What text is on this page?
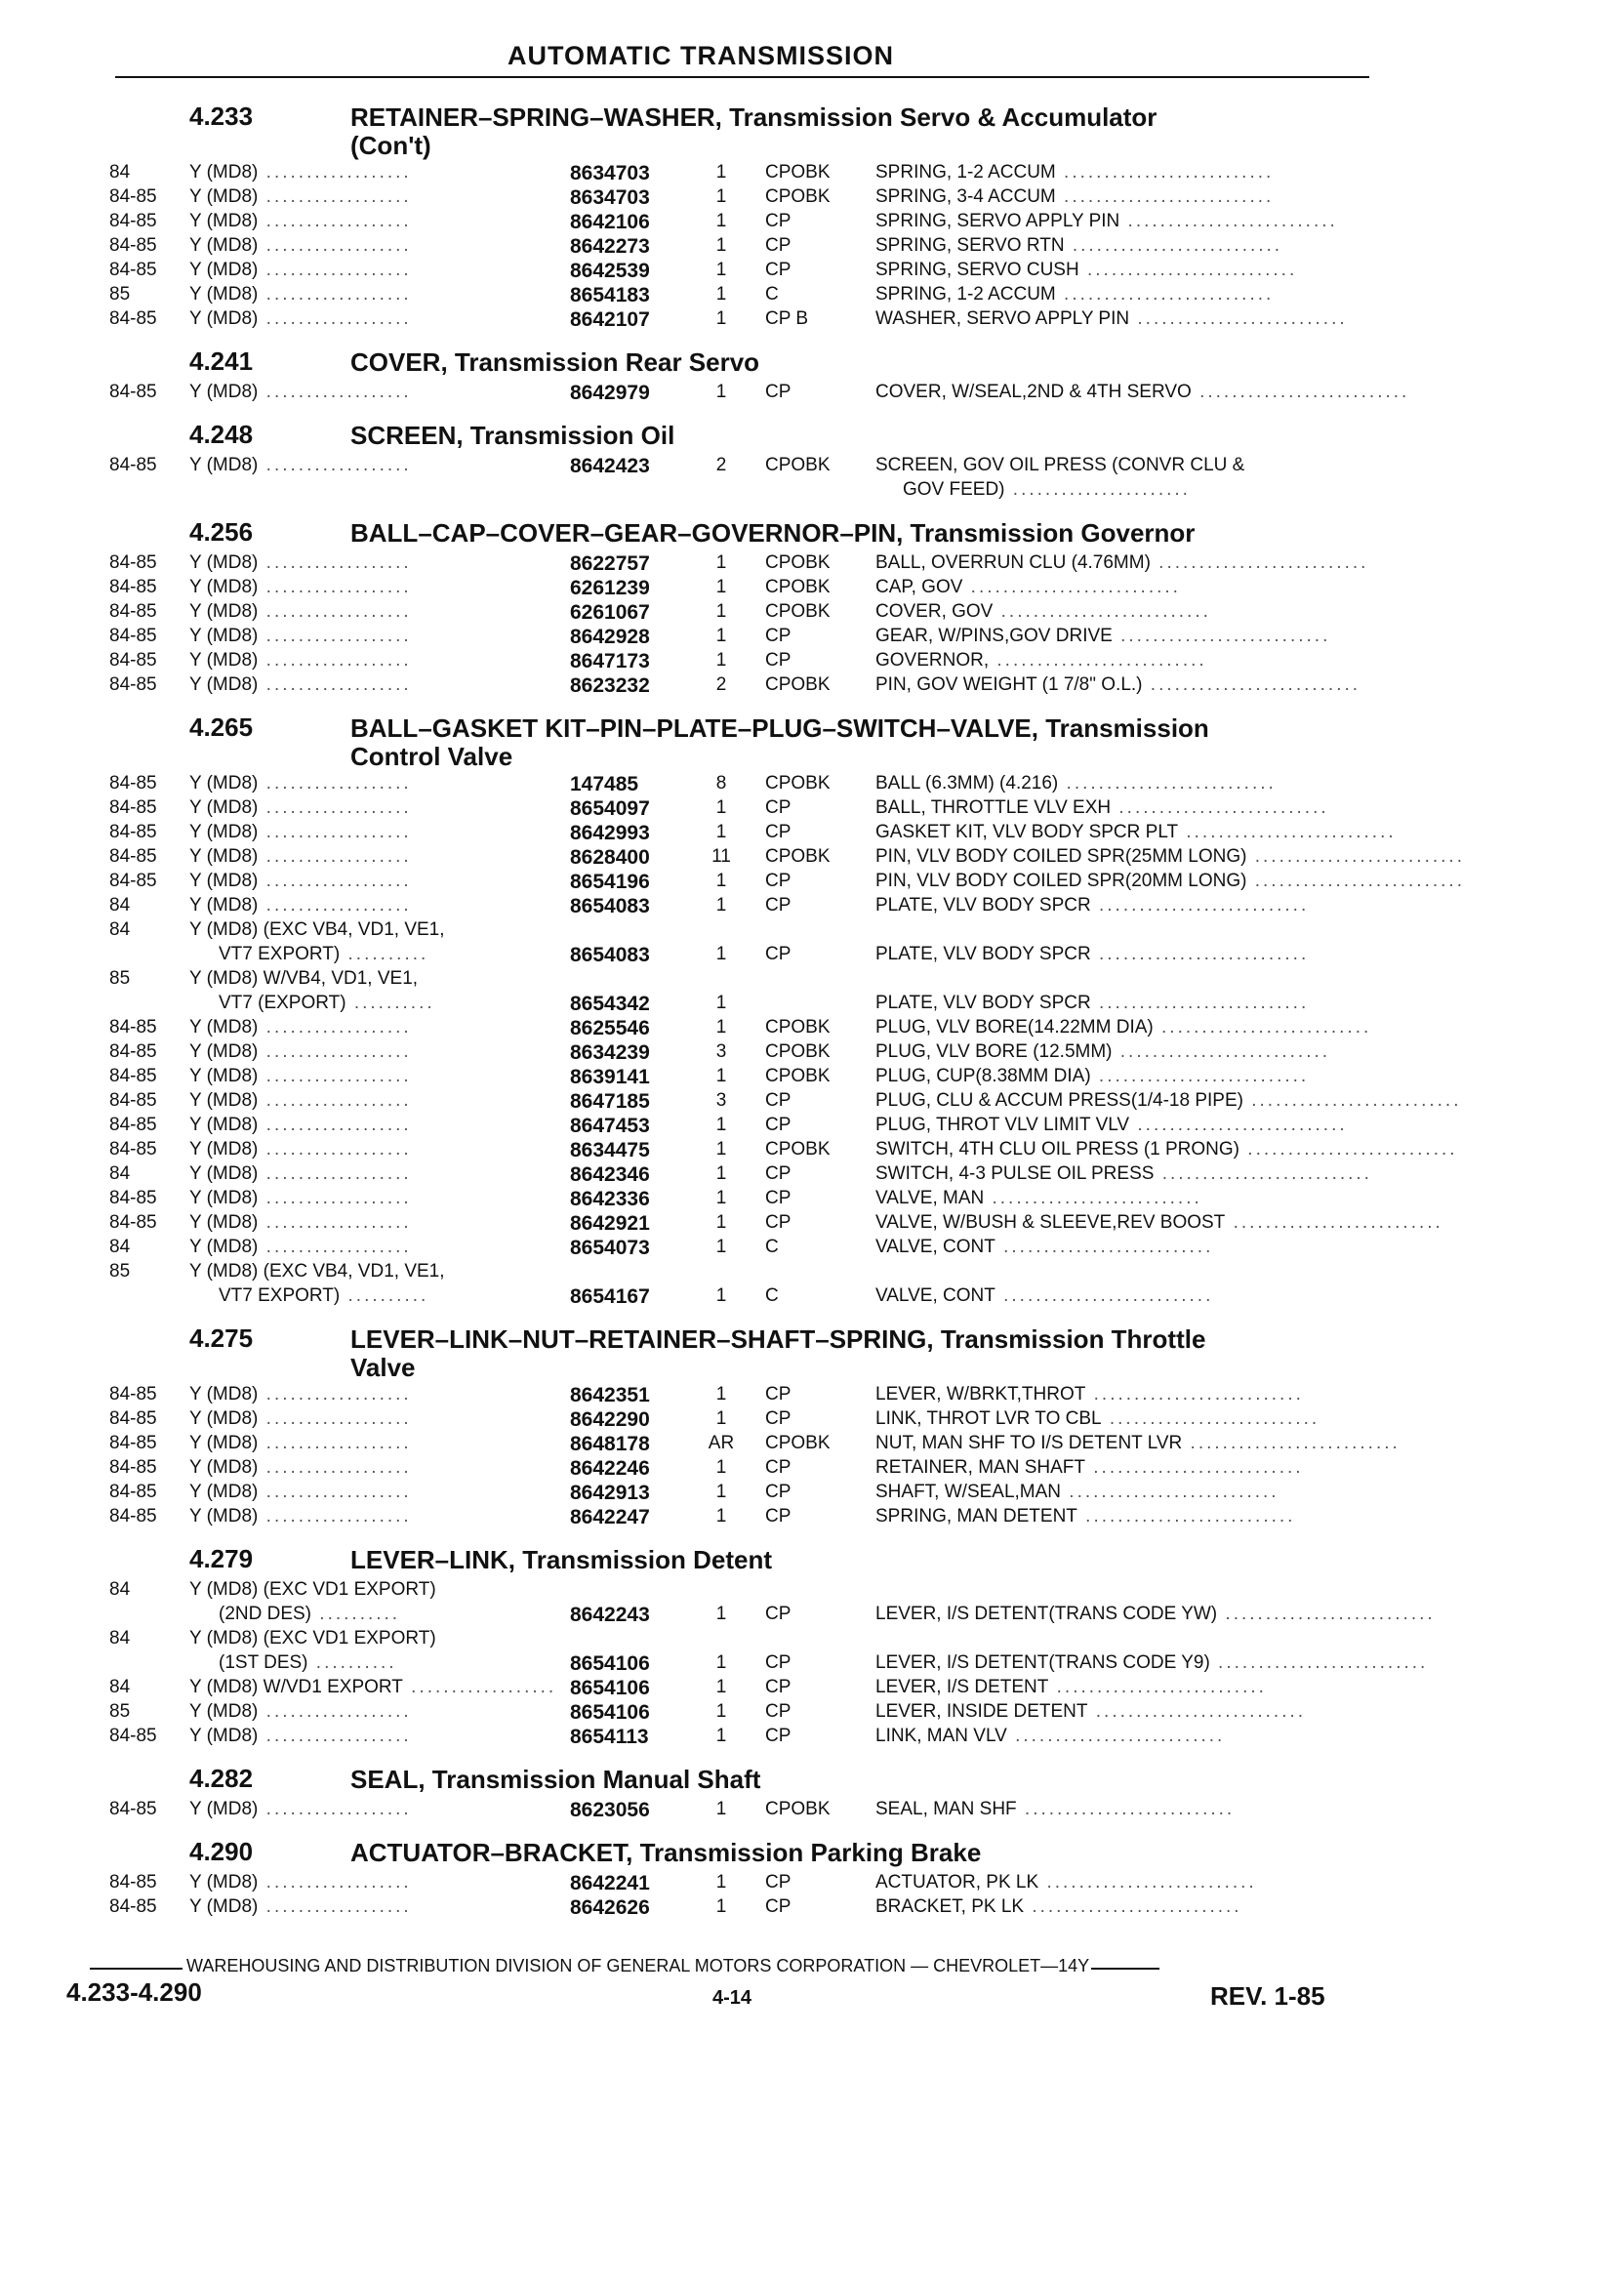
AUTOMATIC TRANSMISSION
4.233	RETAINER–SPRING–WASHER, Transmission Servo & Accumulator
(Con't)
84	Y (MD8) ..................	8634703	1	CPOBK	SPRING, 1-2 ACCUM ..........................
84-85	Y (MD8) ..................	8634703	1	CPOBK	SPRING, 3-4 ACCUM ..........................
84-85	Y (MD8) ..................	8642106	1	CP	SPRING, SERVO APPLY PIN ..........................
84-85	Y (MD8) ..................	8642273	1	CP	SPRING, SERVO RTN ..........................
84-85	Y (MD8) ..................	8642539	1	CP	SPRING, SERVO CUSH ..........................
85	Y (MD8) ..................	8654183	1	C	SPRING, 1-2 ACCUM ..........................
84-85	Y (MD8) ..................	8642107	1	CP B	WASHER, SERVO APPLY PIN ..........................
4.241	COVER, Transmission Rear Servo
84-85	Y (MD8) ..................	8642979	1	CP	COVER, W/SEAL,2ND & 4TH SERVO ..........................
4.248	SCREEN, Transmission Oil
84-85	Y (MD8) ..................	8642423	2	CPOBK	SCREEN, GOV OIL PRESS (CONVR CLU &
GOV FEED) ......................
4.256	BALL–CAP–COVER–GEAR–GOVERNOR–PIN, Transmission Governor
84-85	Y (MD8) ..................	8622757	1	CPOBK	BALL, OVERRUN CLU (4.76MM) ..........................
84-85	Y (MD8) ..................	6261239	1	CPOBK	CAP, GOV ..........................
84-85	Y (MD8) ..................	6261067	1	CPOBK	COVER, GOV ..........................
84-85	Y (MD8) ..................	8642928	1	CP	GEAR, W/PINS,GOV DRIVE ..........................
84-85	Y (MD8) ..................	8647173	1	CP	GOVERNOR, ..........................
84-85	Y (MD8) ..................	8623232	2	CPOBK	PIN, GOV WEIGHT (1 7/8" O.L.) ..........................
4.265	BALL–GASKET KIT–PIN–PLATE–PLUG–SWITCH–VALVE, Transmission
Control Valve
84-85	Y (MD8) ..................	147485	8	CPOBK	BALL (6.3MM) (4.216) ..........................
84-85	Y (MD8) ..................	8654097	1	CP	BALL, THROTTLE VLV EXH ..........................
84-85	Y (MD8) ..................	8642993	1	CP	GASKET KIT, VLV BODY SPCR PLT ..........................
84-85	Y (MD8) ..................	8628400	11	CPOBK	PIN, VLV BODY COILED SPR(25MM LONG) ..........................
84-85	Y (MD8) ..................	8654196	1	CP	PIN, VLV BODY COILED SPR(20MM LONG) ..........................
84	Y (MD8) ..................	8654083	1	CP	PLATE, VLV BODY SPCR ..........................
84	Y (MD8) (EXC VB4, VD1, VE1,
VT7 EXPORT) ..........	8654083	1	CP	PLATE, VLV BODY SPCR ..........................
85	Y (MD8) W/VB4, VD1, VE1,
VT7 (EXPORT) ..........	8654342	1	PLATE, VLV BODY SPCR ..........................
84-85	Y (MD8) ..................	8625546	1	CPOBK	PLUG, VLV BORE(14.22MM DIA) ..........................
84-85	Y (MD8) ..................	8634239	3	CPOBK	PLUG, VLV BORE (12.5MM) ..........................
84-85	Y (MD8) ..................	8639141	1	CPOBK	PLUG, CUP(8.38MM DIA) ..........................
84-85	Y (MD8) ..................	8647185	3	CP	PLUG, CLU & ACCUM PRESS(1/4-18 PIPE) ..........................
84-85	Y (MD8) ..................	8647453	1	CP	PLUG, THROT VLV LIMIT VLV ..........................
84-85	Y (MD8) ..................	8634475	1	CPOBK	SWITCH, 4TH CLU OIL PRESS (1 PRONG) ..........................
84	Y (MD8) ..................	8642346	1	CP	SWITCH, 4-3 PULSE OIL PRESS ..........................
84-85	Y (MD8) ..................	8642336	1	CP	VALVE, MAN ..........................
84-85	Y (MD8) ..................	8642921	1	CP	VALVE, W/BUSH & SLEEVE,REV BOOST ..........................
84	Y (MD8) ..................	8654073	1	C	VALVE, CONT ..........................
85	Y (MD8) (EXC VB4, VD1, VE1,
VT7 EXPORT) ..........	8654167	1	C	VALVE, CONT ..........................
4.275	LEVER–LINK–NUT–RETAINER–SHAFT–SPRING, Transmission Throttle
Valve
84-85	Y (MD8) ..................	8642351	1	CP	LEVER, W/BRKT,THROT ..........................
84-85	Y (MD8) ..................	8642290	1	CP	LINK, THROT LVR TO CBL ..........................
84-85	Y (MD8) ..................	8648178	AR	CPOBK	NUT, MAN SHF TO I/S DETENT LVR ..........................
84-85	Y (MD8) ..................	8642246	1	CP	RETAINER, MAN SHAFT ..........................
84-85	Y (MD8) ..................	8642913	1	CP	SHAFT, W/SEAL,MAN ..........................
84-85	Y (MD8) ..................	8642247	1	CP	SPRING, MAN DETENT ..........................
4.279	LEVER–LINK, Transmission Detent
84	Y (MD8) (EXC VD1 EXPORT)
(2ND DES) ..........	8642243	1	CP	LEVER, I/S DETENT(TRANS CODE YW) ..........................
84	Y (MD8) (EXC VD1 EXPORT)
(1ST DES) ..........	8654106	1	CP	LEVER, I/S DETENT(TRANS CODE Y9) ..........................
84	Y (MD8) W/VD1 EXPORT .................. 8654106	1	CP	LEVER, I/S DETENT ..........................
85	Y (MD8) ..................	8654106	1	CP	LEVER, INSIDE DETENT ..........................
84-85	Y (MD8) ..................	8654113	1	CP	LINK, MAN VLV ..........................
4.282	SEAL, Transmission Manual Shaft
84-85	Y (MD8) ..................	8623056	1	CPOBK	SEAL, MAN SHF ..........................
4.290	ACTUATOR–BRACKET, Transmission Parking Brake
84-85	Y (MD8) ..................	8642241	1	CP	ACTUATOR, PK LK ..........................
84-85	Y (MD8) ..................	8642626	1	CP	BRACKET, PK LK ..........................
WAREHOUSING AND DISTRIBUTION DIVISION OF GENERAL MOTORS CORPORATION — CHEVROLET—14Y
4.233-4.290	4-14	REV. 1-85
